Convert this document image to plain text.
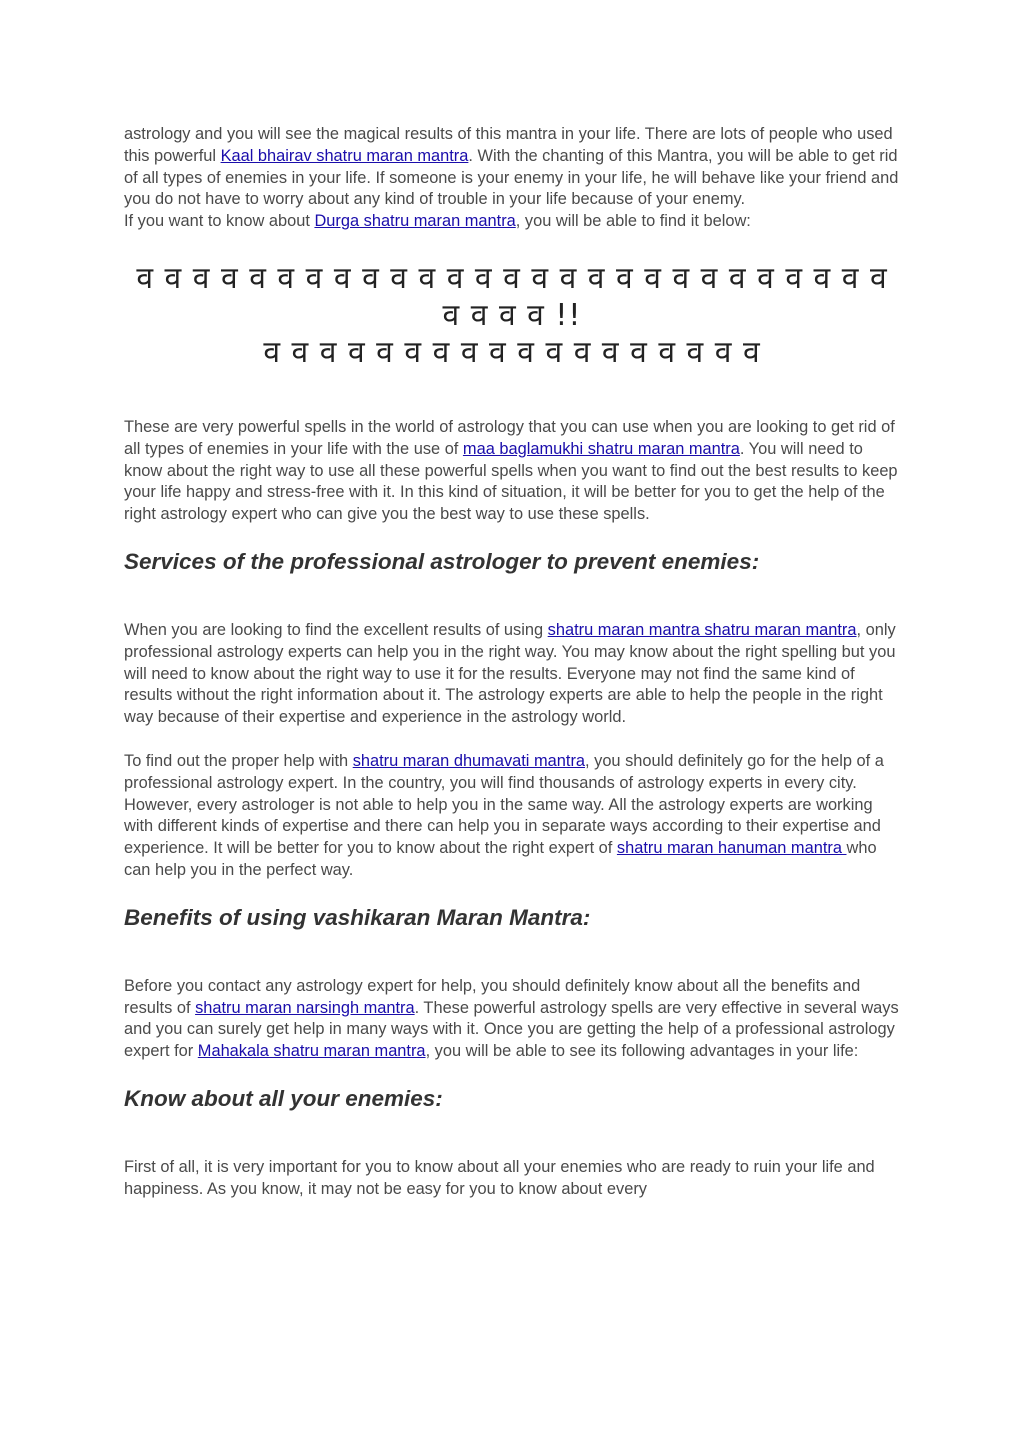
astrology and you will see the magical results of this mantra in your life. There are lots of people who used this powerful Kaal bhairav shatru maran mantra. With the chanting of this Mantra, you will be able to get rid of all types of enemies in your life. If someone is your enemy in your life, he will behave like your friend and you do not have to worry about any kind of trouble in your life because of your enemy.

If you want to know about Durga shatru maran mantra, you will be able to find it below:

व व व व व व व व व व व व व व व व व व व व व व व व व व व

व व व व !!

व व व व व व व व व व व व व व व व व व

These are very powerful spells in the world of astrology that you can use when you are looking to get rid of all types of enemies in your life with the use of maa baglamukhi shatru maran mantra. You will need to know about the right way to use all these powerful spells when you want to find out the best results to keep your life happy and stress-free with it. In this kind of situation, it will be better for you to get the help of the right astrology expert who can give you the best way to use these spells.

Services of the professional astrologer to prevent enemies:

When you are looking to find the excellent results of using shatru maran mantra shatru maran mantra, only professional astrology experts can help you in the right way. You may know about the right spelling but you will need to know about the right way to use it for the results. Everyone may not find the same kind of results without the right information about it. The astrology experts are able to help the people in the right way because of their expertise and experience in the astrology world.

To find out the proper help with shatru maran dhumavati mantra, you should definitely go for the help of a professional astrology expert. In the country, you will find thousands of astrology experts in every city. However, every astrologer is not able to help you in the same way. All the astrology experts are working with different kinds of expertise and there can help you in separate ways according to their expertise and experience. It will be better for you to know about the right expert of shatru maran hanuman mantra who can help you in the perfect way.

Benefits of using vashikaran Maran Mantra:

Before you contact any astrology expert for help, you should definitely know about all the benefits and results of shatru maran narsingh mantra. These powerful astrology spells are very effective in several ways and you can surely get help in many ways with it. Once you are getting the help of a professional astrology expert for Mahakala shatru maran mantra, you will be able to see its following advantages in your life:

Know about all your enemies:

First of all, it is very important for you to know about all your enemies who are ready to ruin your life and happiness. As you know, it may not be easy for you to know about every
